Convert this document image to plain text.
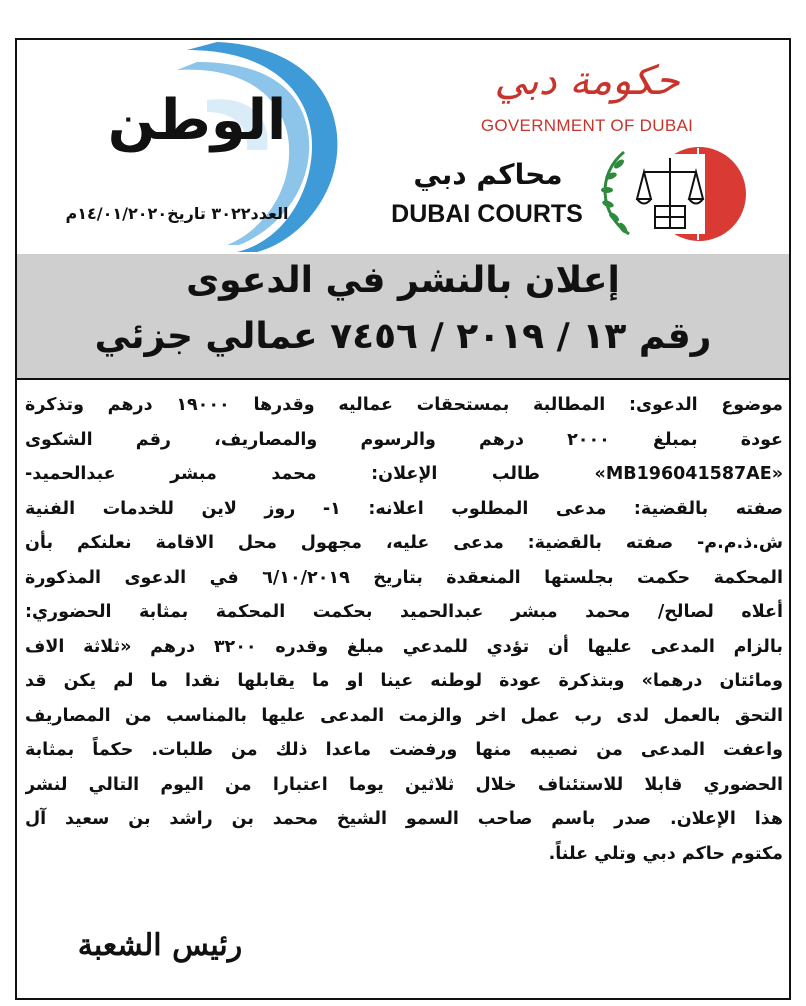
الوطن
العدد٣٠٢٢ تاريخ١٤/٠١/٢٠٢٠م
حكومة دبي
GOVERNMENT OF DUBAI
محاكم دبي
DUBAI COURTS
إعلان بالنشر في الدعوى
رقم ١٣ / ٢٠١٩ / ٧٤٥٦ عمالي جزئي
موضوع الدعوى: المطالبة بمستحقات عماليه وقدرها ١٩٠٠٠ درهم وتذكرة
عودة بمبلغ ٢٠٠٠ درهم والرسوم والمصاريف، رقم الشكوى
«MB196041587AE» طالب الإعلان: محمد مبشر عبدالحميد-
صفته بالقضية: مدعى المطلوب اعلانه: ١- روز لاين للخدمات الفنية
ش.ذ.م.م- صفته بالقضية: مدعى عليه، مجهول محل الاقامة نعلنكم بأن
المحكمة حكمت بجلستها المنعقدة بتاريخ ٦/١٠/٢٠١٩ في الدعوى المذكورة
أعلاه لصالح/ محمد مبشر عبدالحميد بحكمت المحكمة بمثابة الحضوري:
بالزام المدعى عليها أن تؤدي للمدعي مبلغ وقدره ٣٢٠٠ درهم «ثلاثة الاف
ومائتان درهما» وبتذكرة عودة لوطنه عينا او ما يقابلها نقدا ما لم يكن قد
التحق بالعمل لدى رب عمل اخر والزمت المدعى عليها بالمناسب من المصاريف
واعفت المدعى من نصيبه منها ورفضت ماعدا ذلك من طلبات. حكماً بمثابة
الحضوري قابلا للاستئناف خلال ثلاثين يوما اعتبارا من اليوم التالي لنشر
هذا الإعلان. صدر باسم صاحب السمو الشيخ محمد بن راشد بن سعيد آل
مكتوم حاكم دبي وتلي علناً.
رئيس الشعبة
